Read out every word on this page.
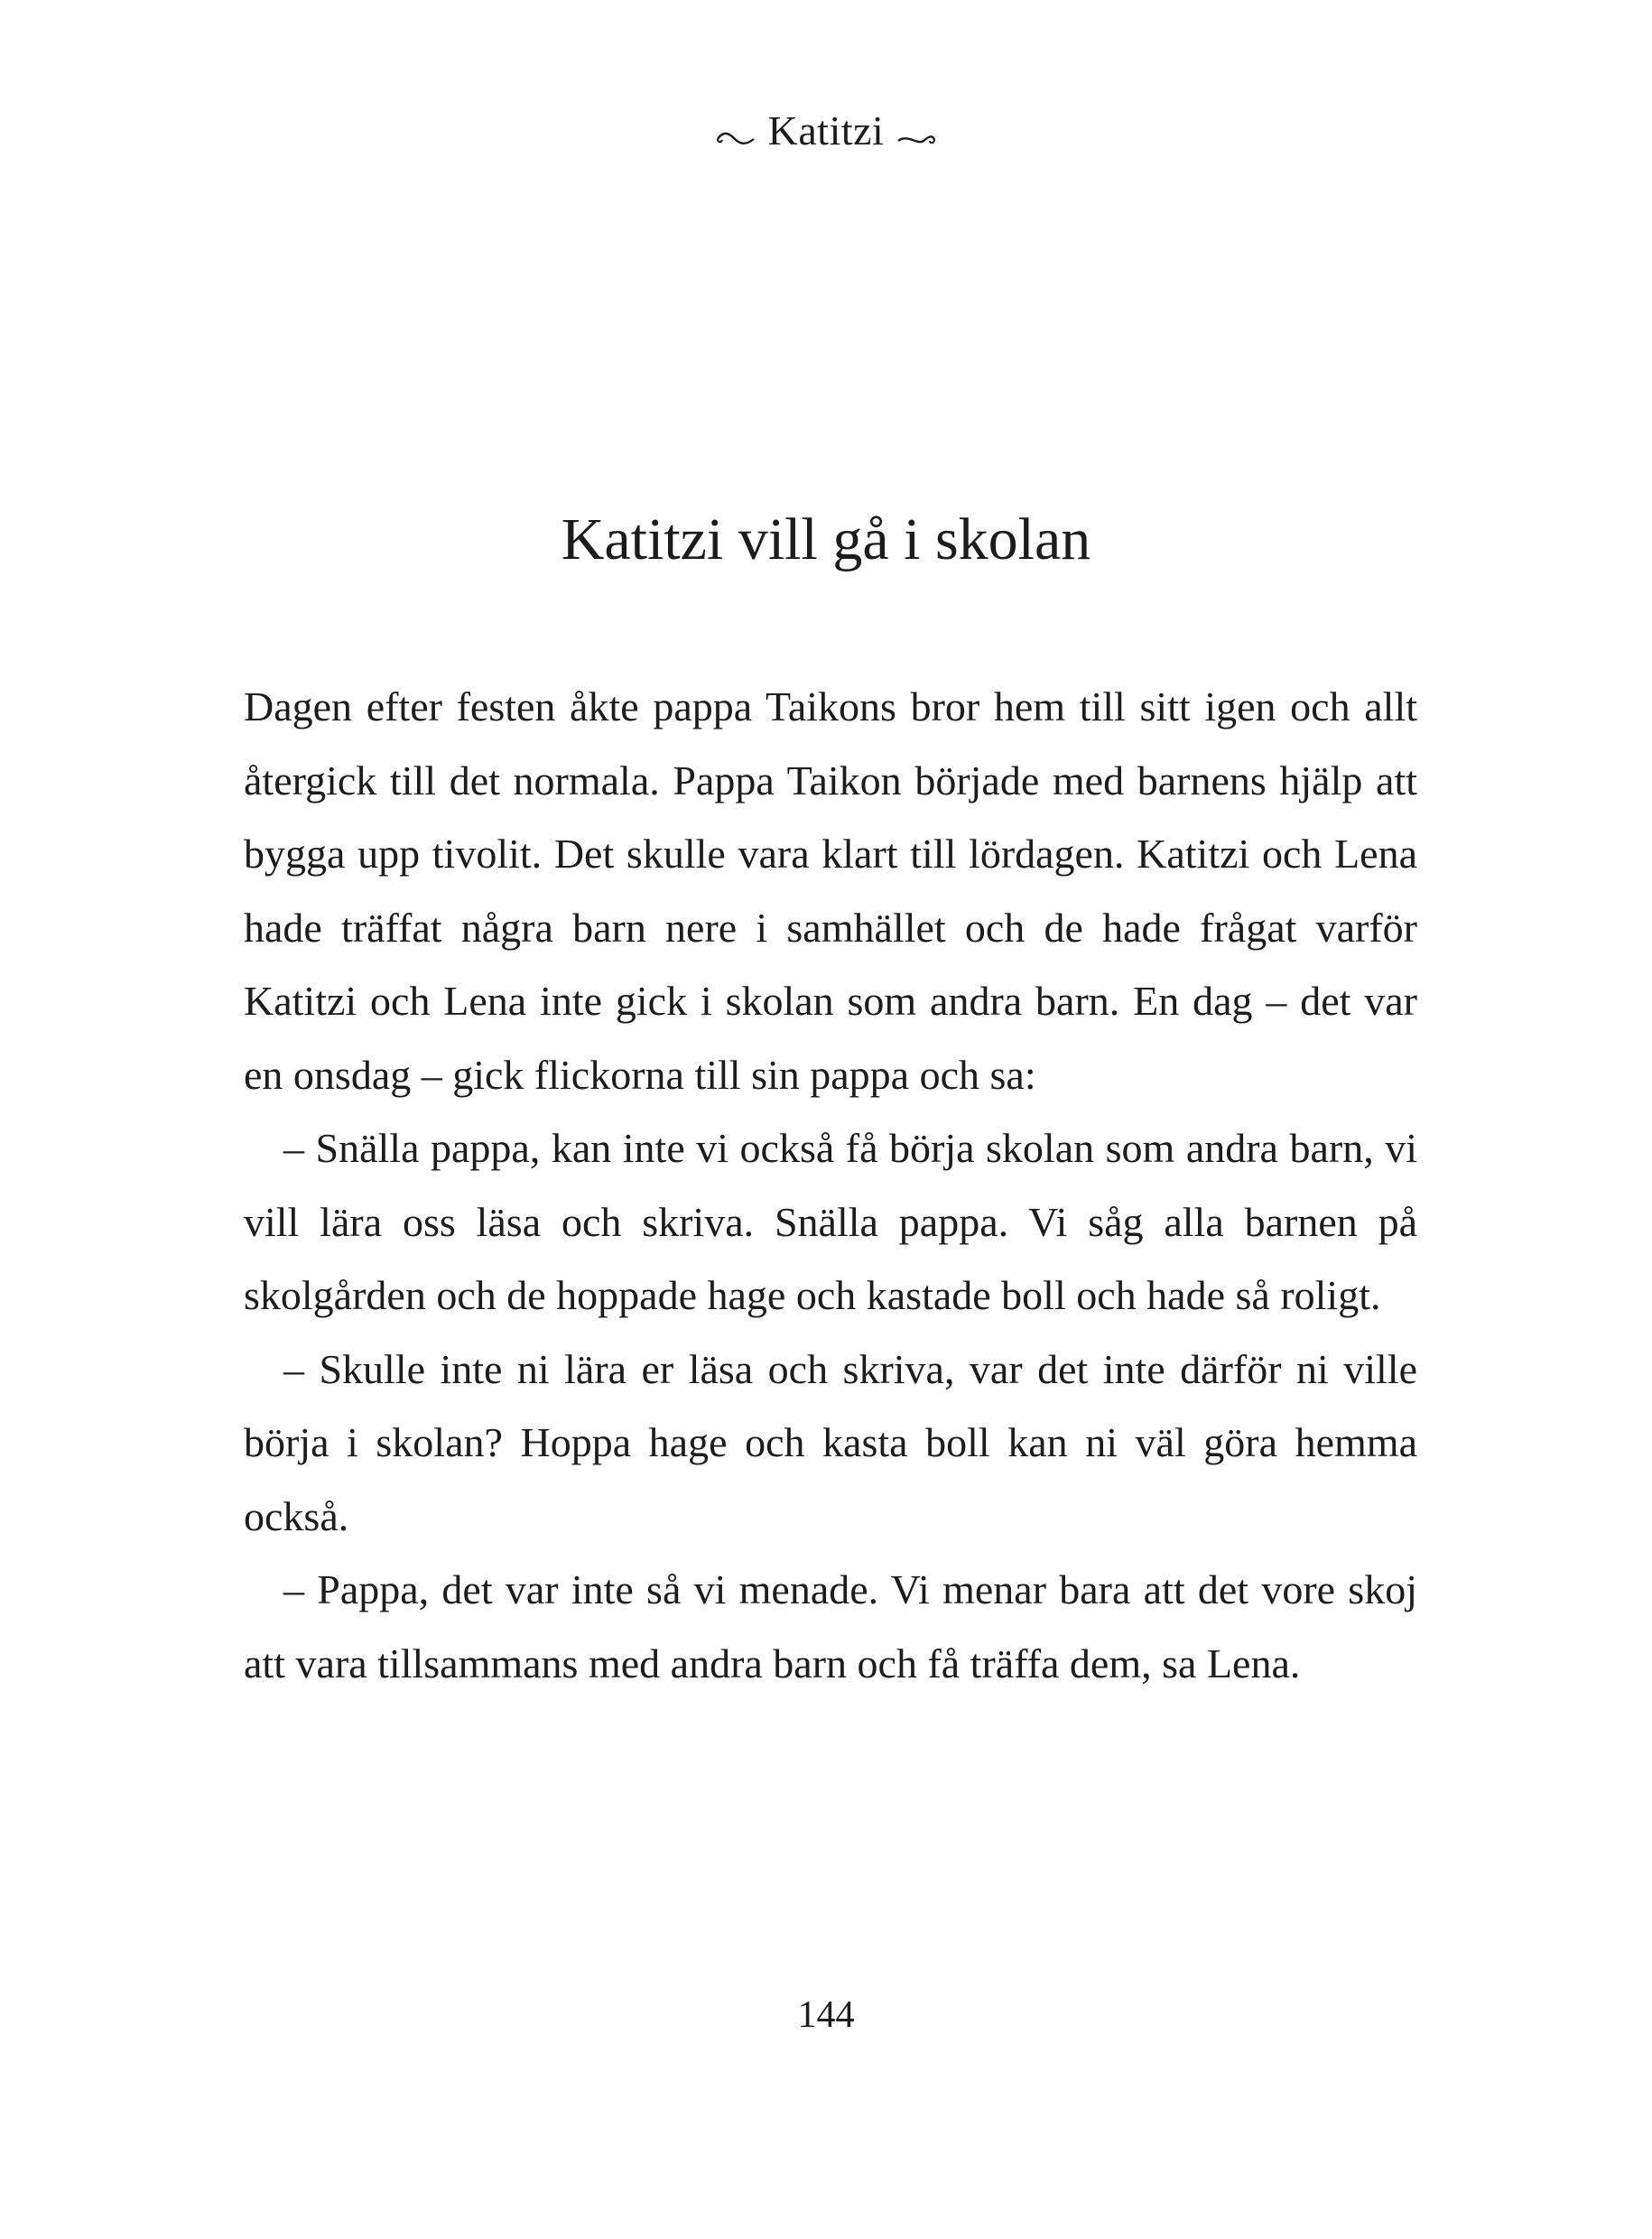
Katitzi
Katitzi vill gå i skolan

Dagen efter festen åkte pappa Taikons bror hem till sitt igen och allt återgick till det normala. Pappa Taikon började med barnens hjälp att bygga upp tivolit. Det skulle vara klart till lördagen. Katitzi och Lena hade träffat några barn nere i samhället och de hade frågat varför Katitzi och Lena inte gick i skolan som andra barn. En dag – det var en onsdag – gick flickorna till sin pappa och sa:

– Snälla pappa, kan inte vi också få börja skolan som andra barn, vi vill lära oss läsa och skriva. Snälla pappa. Vi såg alla barnen på skolgården och de hoppade hage och kastade boll och hade så roligt.

– Skulle inte ni lära er läsa och skriva, var det inte därför ni ville börja i skolan? Hoppa hage och kasta boll kan ni väl göra hemma också.

– Pappa, det var inte så vi menade. Vi menar bara att det vore skoj att vara tillsammans med andra barn och få träffa dem, sa Lena.

144
